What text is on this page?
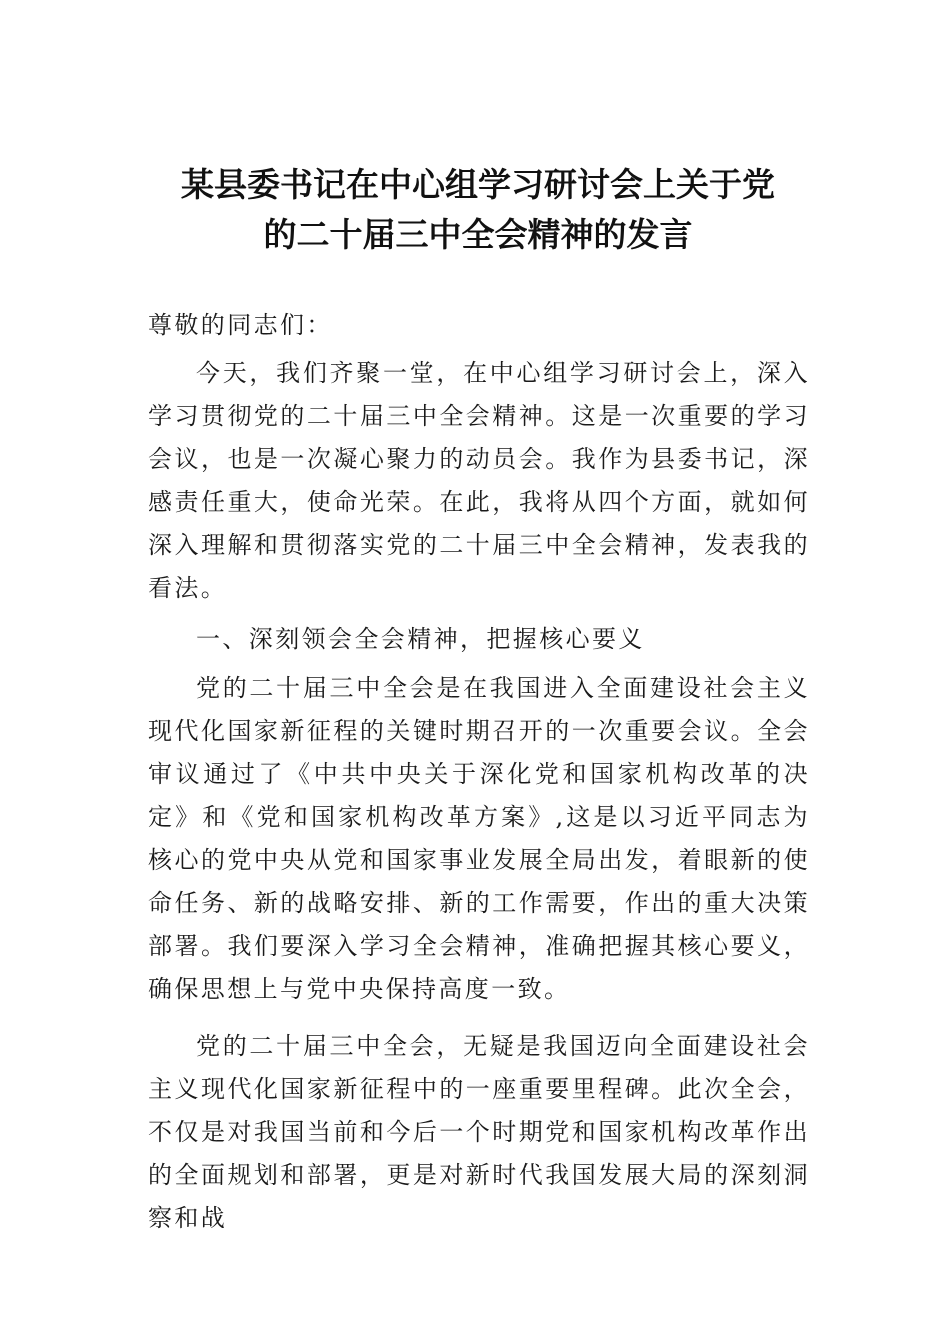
某县委书记在中心组学习研讨会上关于党
的二十届三中全会精神的发言

尊敬的同志们：

今天，我们齐聚一堂，在中心组学习研讨会上，深入学习贯彻党的二十届三中全会精神。这是一次重要的学习会议，也是一次凝心聚力的动员会。我作为县委书记，深感责任重大，使命光荣。在此，我将从四个方面，就如何深入理解和贯彻落实党的二十届三中全会精神，发表我的看法。

一、深刻领会全会精神，把握核心要义

党的二十届三中全会是在我国进入全面建设社会主义现代化国家新征程的关键时期召开的一次重要会议。全会审议通过了《中共中央关于深化党和国家机构改革的决定》和《党和国家机构改革方案》,这是以习近平同志为核心的党中央从党和国家事业发展全局出发，着眼新的使命任务、新的战略安排、新的工作需要，作出的重大决策部署。我们要深入学习全会精神，准确把握其核心要义，确保思想上与党中央保持高度一致。

党的二十届三中全会，无疑是我国迈向全面建设社会主义现代化国家新征程中的一座重要里程碑。此次全会，不仅是对我国当前和今后一个时期党和国家机构改革作出的全面规划和部署，更是对新时代我国发展大局的深刻洞察和战
